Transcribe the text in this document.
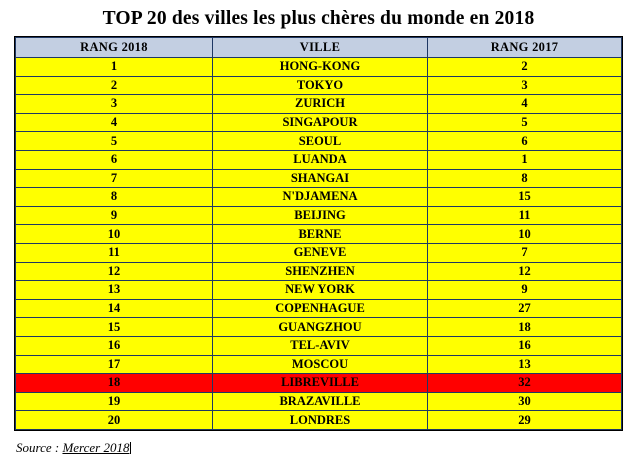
TOP 20 des villes les plus chères du monde en 2018
RANG 2018	VILLE	RANG 2017
1	HONG-KONG	2
2	TOKYO	3
3	ZURICH	4
4	SINGAPOUR	5
5	SEOUL	6
6	LUANDA	1
7	SHANGAI	8
8	N'DJAMENA	15
9	BEIJING	11
10	BERNE	10
11	GENEVE	7
12	SHENZHEN	12
13	NEW YORK	9
14	COPENHAGUE	27
15	GUANGZHOU	18
16	TEL-AVIV	16
17	MOSCOU	13
18	LIBREVILLE	32
19	BRAZAVILLE	30
20	LONDRES	29
Source : Mercer 2018
